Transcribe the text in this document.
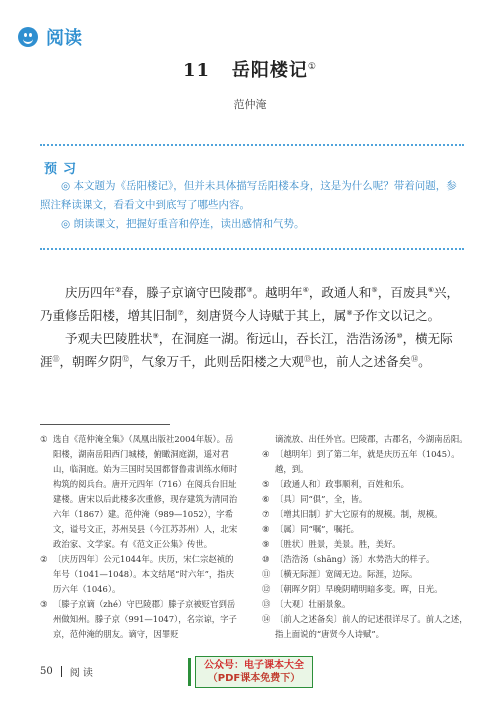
阅读
11 岳阳楼记①
范仲淹
预习

◎ 本文题为《岳阳楼记》，但并未具体描写岳阳楼本身，这是为什么呢？带着问题，参照注释读课文，看看文中到底写了哪些内容。

◎ 朗读课文，把握好重音和停连，读出感情和气势。

庆历四年②春，滕子京谪守巴陵郡③。越明年④，政通人和⑤，百废具⑥兴，乃重修岳阳楼，增其旧制⑦，刻唐贤今人诗赋于其上，属⑧予作文以记之。

予观夫巴陵胜状⑨，在洞庭一湖。衔远山，吞长江，浩浩汤汤⑩，横无际涯⑪，朝晖夕阴⑫，气象万千，此则岳阳楼之大观⑬也，前人之述备矣⑭。

① 选自《范仲淹全集》（凤凰出版社2004年版）。岳阳楼，湖南岳阳西门城楼，俯瞰洞庭湖，遥对君山，临洞庭。始为三国时吴国都督鲁肃训练水师时构筑的阅兵台。唐开元四年（716）在阅兵台旧址建楼。唐宋以后此楼多次重修，现存建筑为清同治六年（1867）建。范仲淹（989—1052），字希文，谥号文正，苏州吴县（今江苏苏州）人，北宋政治家、文学家。有《范文正公集》传世。

② 〔庆历四年〕公元1044年。庆历，宋仁宗赵祯的年号（1041—1048）。本文结尾“时六年”，指庆历六年（1046）。

③ 〔滕子京谪（zhé）守巴陵郡〕滕子京被贬官到岳州做知州。滕子京（991—1047），名宗谅，字子京，范仲淹的朋友。谪守，因罪贬

谪流放、出任外官。巴陵郡，古郡名，今湖南岳阳。

④ 〔越明年〕到了第二年，就是庆历五年（1045）。越，到。

⑤ 〔政通人和〕政事顺利，百姓和乐。

⑥ 〔具〕同“俱”，全，皆。

⑦ 〔增其旧制〕扩大它原有的规模。制，规模。

⑧ 〔属〕同“嘱”，嘱托。

⑨ 〔胜状〕胜景，美景。胜，美好。

⑩ 〔浩浩汤（shāng）汤〕水势浩大的样子。

⑪ 〔横无际涯〕宽阔无边。际涯，边际。

⑫ 〔朝晖夕阴〕早晚阴晴明暗多变。晖，日光。

⑬ 〔大观〕壮丽景象。

⑭ 〔前人之述备矣〕前人的记述很详尽了。前人之述，指上面说的“唐贤今人诗赋”。

50 阅 读
公众号：电子课本大全
（PDF课本免费下）
